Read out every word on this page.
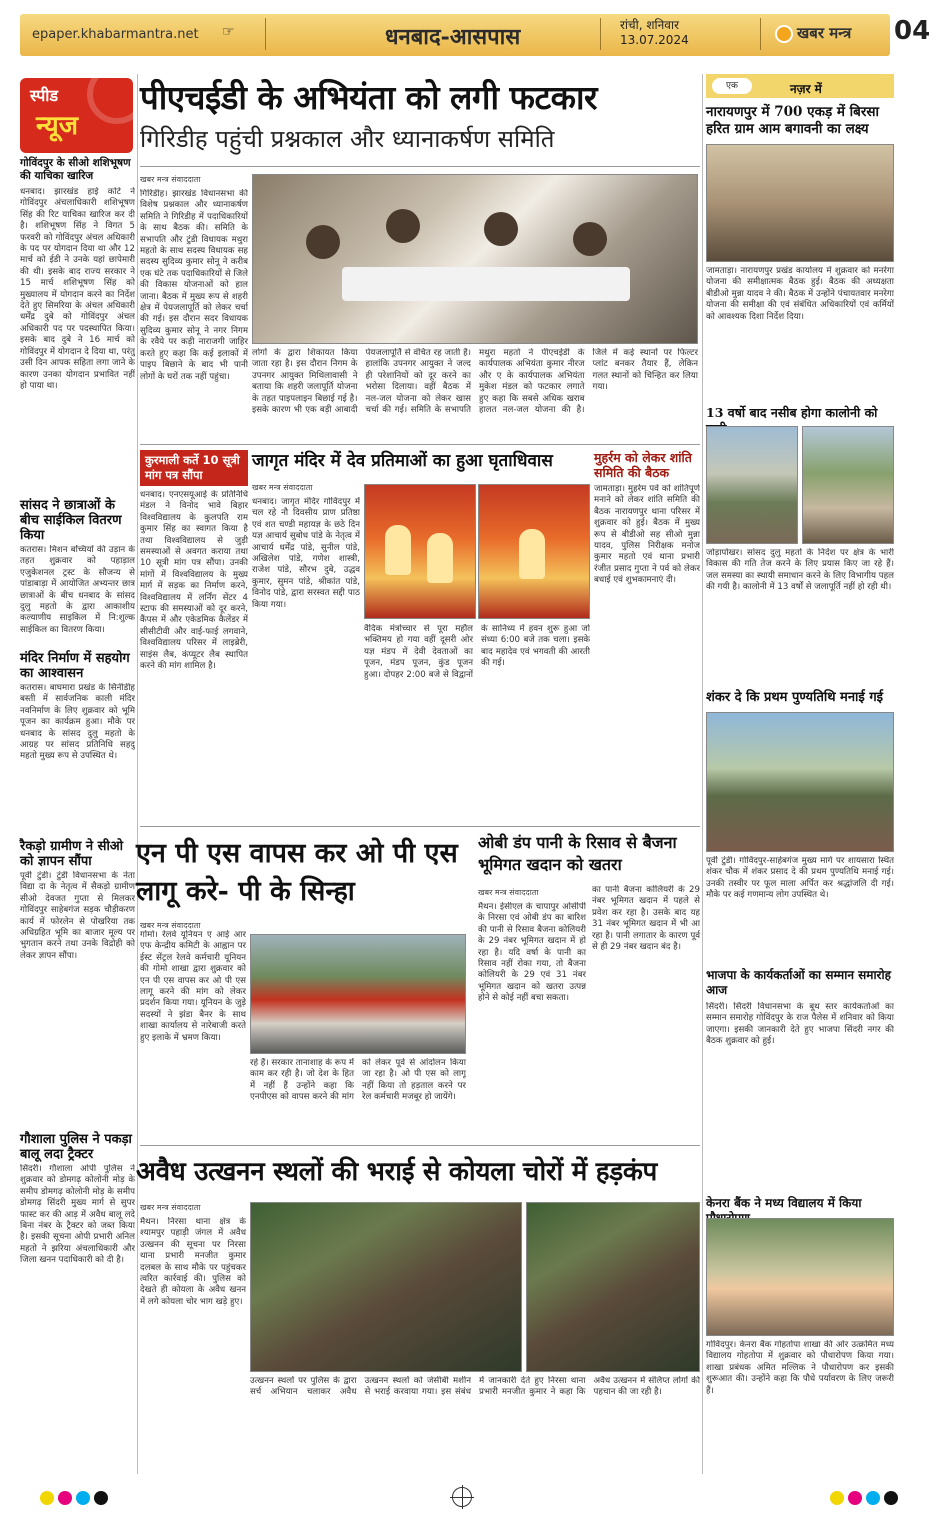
epaper.khabarmantra.net ☞	धनबाद-आसपास	रांची, शनिवार
13.07.2024	खबर मन्त्र 04
स्पीड
न्यूज
गोविंदपुर के सीओ शशिभूषण की याचिका खारिज
धनबाद। झारखंड हाई कोर्ट ने गोविंदपुर अंचलाधिकारी शशिभूषण सिंह की रिट याचिका खारिज कर दी है। शशिभूषण सिंह ने विगत 5 फरवरी को गोविंदपुर अंचल अधिकारी के पद पर योगदान दिया था और 12 मार्च को ईडी ने उनके यहां छापेमारी की थी। इसके बाद राज्य सरकार ने 15 मार्च शशिभूषण सिंह को मुख्यालय में योगदान करने का निर्देश देते हुए सिमरिया के अंचल अधिकारी धर्मेंद्र दुबे को गोविंदपुर अंचल अधिकारी पद पर पदस्थापित किया। इसके बाद दुबे ने 16 मार्च को गोविंदपुर में योगदान दे दिया था, परंतु उसी दिन आपक सहिता लगा जाने के कारण उनका योगदान प्रभावित नहीं हो पाया था।
सांसद ने छात्राओं के बीच साईकिल वितरण किया
कतरास। मिशन बच्चियों की उड़ान के तहत शुक्रवार को पहाड़ाल एजुकेशनल ट्रस्ट के सौजन्य से पांडाबाड़ा में आयोजित अभ्यन्तर छात्र छात्राओं के बीच धनबाद के सांसद दुलु महतो के द्वारा आकाशीय कल्याणीय साइकिल में नि:शुल्क साईकिल का वितरण किया।
मंदिर निर्माण में सहयोग का आश्वासन
कतरास। बाघमारा प्रखंड के सिनीडीह बस्ती में सार्वजनिक काली मंदिर नवनिर्माण के लिए शुक्रवार को भूमि पूजन का कार्यक्रम हुआ। मौके पर धनबाद के सांसद दुलु महतो के आग्रह पर सांसद प्रतिनिधि सहदु महतो मुख्य रूप से उपस्थित थे।
रैकड़ो ग्रामीण ने सीओ को ज्ञापन सौंपा
पूर्वी टुंडी। टुंडी विधानसभा के नेता विद्या दा के नेतृत्व में सैकड़ो ग्रामीण सीओ देवजत गुप्ता से मिलकर गोविंदपुर साहेबगंज सड़क चौड़ीकरण कार्य में फोरलेन से पोखरिया तक अधिग्रहित भूमि का बाजार मूल्य पर भुगतान करने तथा उनके विद्रोही को लेकर ज्ञापन सौंपा।
गौशाला पुलिस ने पकड़ा बालू लदा ट्रैक्टर
सिंदरी। गौशाला ओपी पुलिस ने शुक्रवार को डोमगढ़ कोलोनी मोड़ के समीप डोमगढ़ कोलोनी मोड़ के समीप डोमगढ़ सिंदरी मुख्य मार्ग से सुपर फास्ट कर की आड़ में अवैध बालू लदे बिना नंबर के ट्रैक्टर को जब्त किया है। इसकी सूचना ओपी प्रभारी अनिल महतो ने झरिया अंचलाधिकारी और जिला खनन पदाधिकारी को दी है।
पीएचईडी के अभियंता को लगी फटकार
गिरिडीह पहुंची प्रश्नकाल और ध्यानाकर्षण समिति
खबर मन्त्र संवाददाता
गिरिडीह। झारखंड विधानसभा की विशेष प्रश्नकाल और ध्यानाकर्षण समिति ने गिरिडीह में पदाधिकारियों के साथ बैठक की। समिति के सभापति और टुंडी विधायक मथुरा महतो के साथ सदस्य विधायक सह सदस्य सुदिव्य कुमार सोनू ने करीब एक घंटे तक पदाधिकारियों से जिले की विकास योजनाओं को हाल जाना। बैठक में मुख्य रूप से शहरी क्षेत्र में पेयजलापूर्ति को लेकर चर्चा की गई। इस दौरान सदर विधायक सुदिव्य कुमार सोनू ने नगर निगम के रवैये पर कड़ी नाराजगी जाहिर करते हुए कहा कि कई इलाकों में पाइप बिछाने के बाद भी पानी लोगों के घरों तक नहीं पहुंचा।
लोगों के द्वारा शिकायत किया जाता रहा है। इस दौरान निगम के उपनगर आयुक्त मिथिलावासी ने बताया कि शहरी जलापूर्ति योजना के तहत पाइपलाइन बिछाई गई है। इसके कारण भी एक बड़ी आबादी पेयजलापूर्ति से वंचित रह जाती है। हालांकि उपनगर आयुक्त ने जल्द ही परेशानियों को दूर करने का भरोसा दिलाया। वहीं बैठक में नल-जल योजना को लेकर खास चर्चा की गई। समिति के सभापति मथुरा महतो ने पीएचईडी के कार्यपालक अभियंता कुमार नीरज और ए के कार्यपालक अभियंता मुकेश मंडल को फटकार लगाते हुए कहा कि सबसे अधिक खराब हालत नल-जल योजना की है। जिले में कई स्थानों पर फिल्टर प्लांट बनकर तैयार हैं, लेकिन गलत स्थानों को चिन्हित कर लिया गया।
कुरमाली कर्ते 10 सूत्री मांग पत्र सौंपा
धनबाद। एनएसयूआई के प्रतिनिधि मंडल ने विनोद भावे बिहार विश्वविद्यालय के कुलपति राम कुमार सिंह का स्वागत किया है तथा विश्वविद्यालय से जुड़ी समस्याओं से अवगत कराया तथा 10 सूत्री मांग पत्र सौंपा। उनकी मांगों में विश्वविद्यालय के मुख्य मार्ग में सड़क का निर्माण करने, विश्वविद्यालय में लर्निंग सेंटर 4 स्टाफ की समस्याओं को दूर करने, कैंपस में और एकेडमिक कैलेंडर में सीसीटीवी और वाई-फाई लगवाने, विश्वविद्यालय परिसर में लाइब्रेरी, साइंस लैब, कंप्यूटर लैब स्थापित करने की मांग शामिल है।
जागृत मंदिर में देव प्रतिमाओं का हुआ घृताधिवास
खबर मन्त्र संवाददाता
धनबाद। जागृत मंदिर गोविंदपुर में चल रहे नौ दिवसीय प्राण प्रतिष्ठा एवं शत चण्डी महायज्ञ के छठे दिन यज्ञ आचार्य सुबोध पांडे के नेतृत्व में आचार्य धर्मेंद्र पांडे, सुनील पांडे, अखिलेश पांडे, गणेश शास्त्री, राजेश पांडे, सौरभ दुबे, उद्धव कुमार, सुमन पांडे, श्रीकांत पांडे, विनोद पांडे, द्वारा सरस्वत सद्दी पाठ किया गया।
वैदिक मंत्रोच्चार से पूरा महौल भक्तिमय हो गया वहीं दूसरी ओर यज्ञ मंडप में देवी देवताओं का पूजन, मंडप पूजन, कुंड पूजन हुआ। दोपहर 2:00 बजे से विद्वानों के सानिध्य में हवन शुरू हुआ जो संध्या 6:00 बजे तक चला। इसके बाद महादेव एवं भगवती की आरती की गई।
मुहर्रम को लेकर शांति समिति की बैठक
जामताड़ा। मुहर्रम पर्व को शांतिपूर्ण मनाने को लेकर शांति समिति की बैठक नारायणपुर थाना परिसर में शुक्रवार को हुई। बैठक में मुख्य रूप से बीडीओ सह सीओ मुन्ना यादव, पुलिस निरीक्षक मनोज कुमार महतो एवं थाना प्रभारी रंजीत प्रसाद गुप्ता ने पर्व को लेकर बधाई एवं शुभकामनाएं दी।
एन पी एस वापस कर ओ पी एस लागू करे- पी के सिन्हा
खबर मन्त्र संवाददाता
गोमो। रेलवे यूनियन ए आई आर एफ केन्द्रीय कमिटी के आह्वान पर ईस्ट सेंट्रल रेलवे कर्मचारी यूनियन की गोमो शाखा द्वारा शुक्रवार को एन पी एस वापस कर ओ पी एस लागू करने की मांग को लेकर प्रदर्शन किया गया। यूनियन के जुड़े सदस्यों ने झंडा बैनर के साथ शाखा कार्यालय से नारेबाजी करते हुए इलाके में भ्रमण किया।
रहे हैं। सरकार तानाशाह के रूप में काम कर रही है। जो देश के हित में नहीं हैं उन्होंने कहा कि एनपीएस को वापस करने की मांग को लेकर पूर्व से आंदोलन किया जा रहा है। ओ पी एस को लागू नहीं किया तो हड़ताल करने पर रेल कर्मचारी मजबूर हो जायेंगे।
ओबी डंप पानी के रिसाव से बैजना भूमिगत खदान को खतरा
खबर मन्त्र संवाददाता
मैथन। ईसीएल के चापापुर ओसीपी के निरसा एवं ओबी डंप का बारिश की पानी से रिसाव बैजना कोलियरी के 29 नंबर भूमिगत खदान में हो रहा है। यदि वर्षा के पानी का रिसाव नहीं रोका गया, तो बैजना कोलियरी के 29 एवं 31 नंबर भूमिगत खदान को खतरा उत्पन्न होने से कोई नहीं बचा सकता।
का पानी बैजना कोलियरी के 29 नंबर भूमिगत खदान में पहले से प्रवेश कर रहा है। उसके बाद यह 31 नंबर भूमिगत खदान में भी आ रहा है। पानी लगातार के कारण पूर्व से ही 29 नंबर खदान बंद है।
अवैध उत्खनन स्थलों की भराई से कोयला चोरों में हड़कंप
खबर मन्त्र संवाददाता
मैथन। निरसा थाना क्षेत्र के श्यामपुर पहाड़ी जंगल में अवैध उत्खनन की सूचना पर निरसा थाना प्रभारी मनजीत कुमार दलबल के साथ मौके पर पहुंचकर त्वरित कार्रवाई की। पुलिस को देखते ही कोयला के अवैध खनन में लगे कोयला चोर भाग खड़े हुए।
उत्खनन स्थलों पर पुलिस के द्वारा सर्च अभियान चलाकर अवैध उत्खनन स्थलों को जेसीबी मशीन से भराई करवाया गया। इस संबंध में जानकारी देते हुए निरसा थाना प्रभारी मनजीत कुमार ने कहा कि अवैध उत्खनन में संलिप्त लोगों की पहचान की जा रही है।
एक	नज़र में
नारायणपुर में 700 एकड़ में बिरसा हरित ग्राम आम बगावनी का लक्ष्य
जामताड़ा। नारायणपुर प्रखंड कार्यालय में शुक्रवार को मनरेगा योजना की समीक्षात्मक बैठक हुई। बैठक की अध्यक्षता बीडीओ मुन्ना यादव ने की। बैठक में उन्होंने पंचायतवार मनरेगा योजना की समीक्षा की एवं संबंधित अधिकारियों एवं कर्मियों को आवश्यक दिशा निर्देश दिया।
13 वर्षो बाद नसीब होगा कालोनी को
जोड़ापोखर। सांसद दुलु महतो के निर्देश पर क्षेत्र के भारी विकास की गति तेज करने के लिए प्रयास किए जा रहे हैं। जल समस्या का स्थायी समाधान करने के लिए विभागीय पहल की गयी है। कालोनी में 13 वर्षों से जलापूर्ति नहीं हो रही थी।
शंकर दे कि प्रथम पुण्यतिथि मनाई गई
पूर्वी टुंडी। गोविंदपुर-साहेबगंज मुख्य मार्ग पर शायसारा स्थित शंकर चौक में शंकर प्रसाद दे की प्रथम पुण्यतिथि मनाई गई। उनकी तस्वीर पर फूल माला अर्पित कर श्रद्धांजलि दी गई। मौके पर कई गणमान्य लोग उपस्थित थे।
भाजपा के कार्यकर्ताओं का सम्मान समारोह आज
सिंदरी। सिंदरी विधानसभा के बूथ स्तर कार्यकर्ताओं का सम्मान समारोह गोविंदपुर के राज पैलेस में शनिवार को किया जाएगा। इसकी जानकारी देते हुए भाजपा सिंदरी नगर की बैठक शुक्रवार को हुई।
केनरा बैंक ने मध्य विद्यालय में किया
गोविंदपुर। केनरा बैंक गोहतोपा शाखा की ओर उत्क्रमित मध्य विद्यालय गोहतोपा में शुक्रवार को पौधारोपण किया गया। शाखा प्रबंधक अमित मल्लिक ने पौधारोपण कर इसकी शुरूआत की। उन्होंने कहा कि पौधे पर्यावरण के लिए जरूरी हैं।
